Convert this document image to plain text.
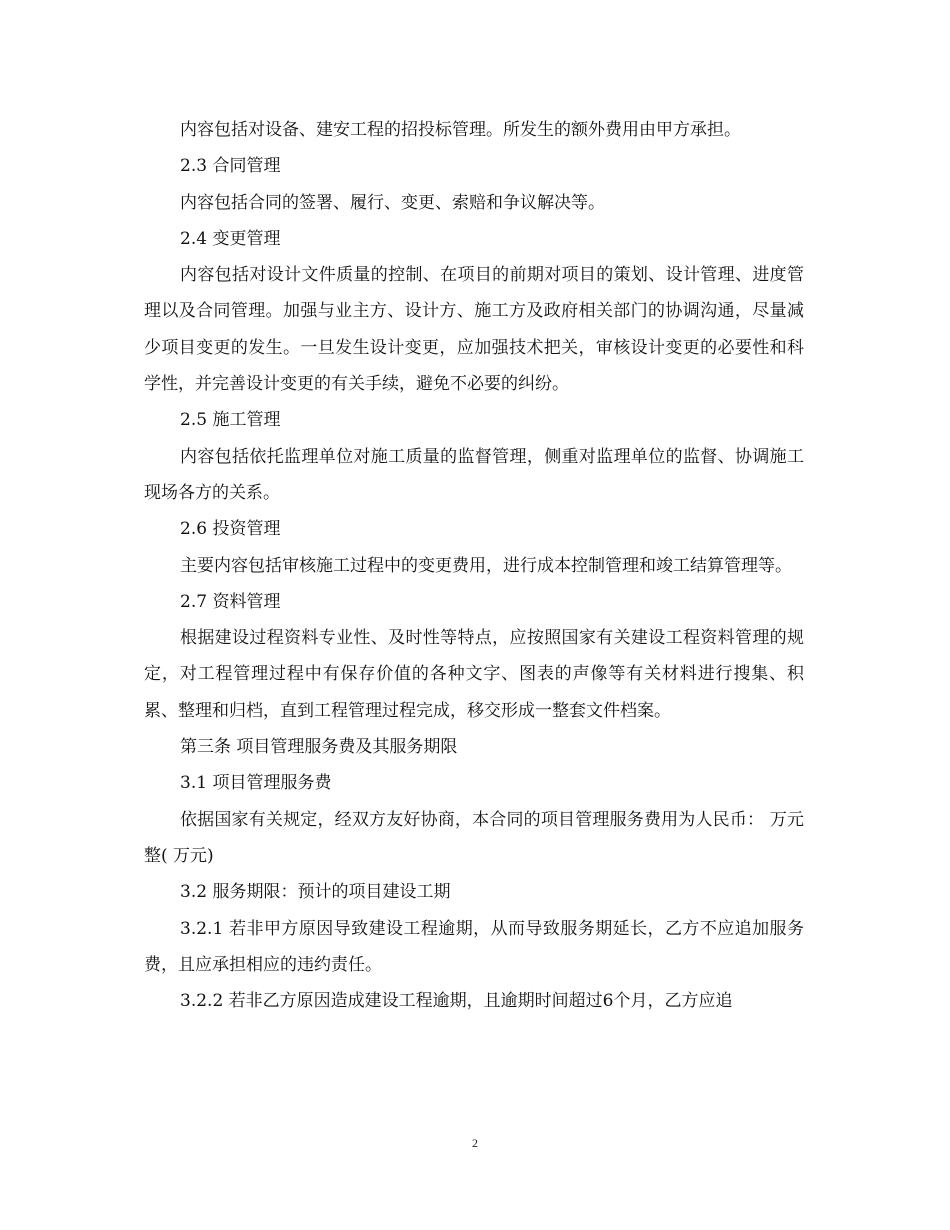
内容包括对设备、建安工程的招投标管理。所发生的额外费用由甲方承担。

2.3 合同管理

内容包括合同的签署、履行、变更、索赔和争议解决等。

2.4 变更管理

内容包括对设计文件质量的控制、在项目的前期对项目的策划、设计管理、进度管理以及合同管理。加强与业主方、设计方、施工方及政府相关部门的协调沟通，尽量减少项目变更的发生。一旦发生设计变更，应加强技术把关，审核设计变更的必要性和科学性，并完善设计变更的有关手续，避免不必要的纠纷。

2.5 施工管理

内容包括依托监理单位对施工质量的监督管理，侧重对监理单位的监督、协调施工现场各方的关系。

2.6 投资管理

主要内容包括审核施工过程中的变更费用，进行成本控制管理和竣工结算管理等。

2.7 资料管理

根据建设过程资料专业性、及时性等特点，应按照国家有关建设工程资料管理的规定，对工程管理过程中有保存价值的各种文字、图表的声像等有关材料进行搜集、积累、整理和归档，直到工程管理过程完成，移交形成一整套文件档案。

第三条 项目管理服务费及其服务期限

3.1 项目管理服务费

依据国家有关规定，经双方友好协商，本合同的项目管理服务费用为人民币： 万元整( 万元)

3.2 服务期限：预计的项目建设工期

3.2.1 若非甲方原因导致建设工程逾期，从而导致服务期延长，乙方不应追加服务费，且应承担相应的违约责任。

3.2.2 若非乙方原因造成建设工程逾期，且逾期时间超过6个月，乙方应追

2
